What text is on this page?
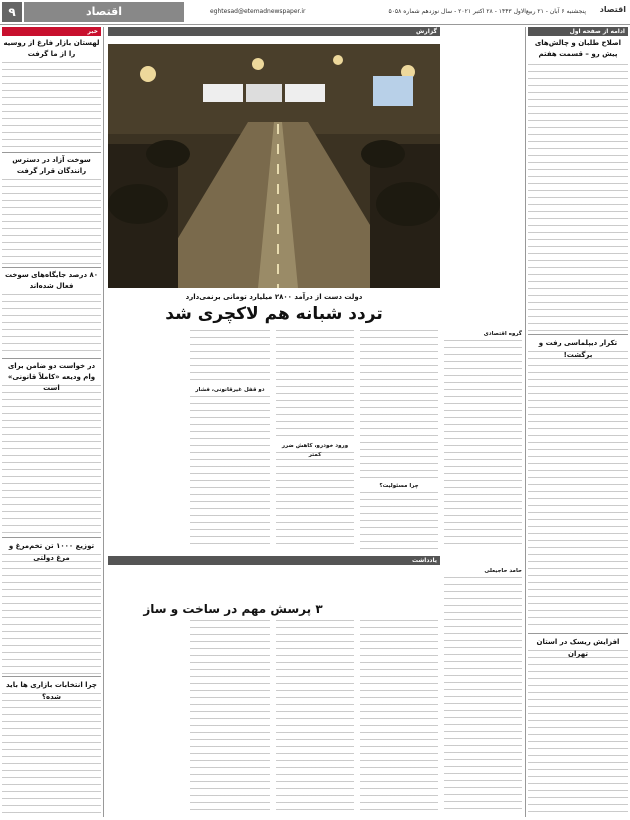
اقتصاد
پنجشنبه ۶ آبان - ۲۱ ربیع‌الاول ۱۴۴۳ - ۲۸ اکتبر ۲۰۲۱ - سال نوزدهم شماره ۵۰۵۸
eghtesad@etemadnewspaper.ir
اقتصاد
۹
ادامه از صفحه اول
اصلاح طلبان و چالش‌های پیش رو – قسمت هفتم
تکرار دیپلماسی رفت و برگشت!
افزایش ریسک در استان تهران
گزارش
دولت دست از درآمد ۲۸۰۰ میلیارد تومانی برنمی‌دارد
تردد شبانه هم لاکچری شد
گروه اقتصادی
چرا مسئولیت؟
ورود خودرو، کاهش ضرر کمتر
دو قفل غیرقانونی، فشار
یادداشت
حامد حاجیعلی
۳ پرسش مهم در ساخت و ساز
خبر
لهستان بازار فارغ از روسیه را از ما گرفت
سوخت آزاد در دسترس رانندگان قرار گرفت
۸۰ درصد جایگاه‌های سوخت فعال شده‌اند
در خواست دو ضامن برای وام ودیعه «کاملاً قانونی» است
توزیع ۱۰۰۰ تن تخم‌مرغ و مرغ دولتی
چرا انتخابات بازاری ها باید شده؟
